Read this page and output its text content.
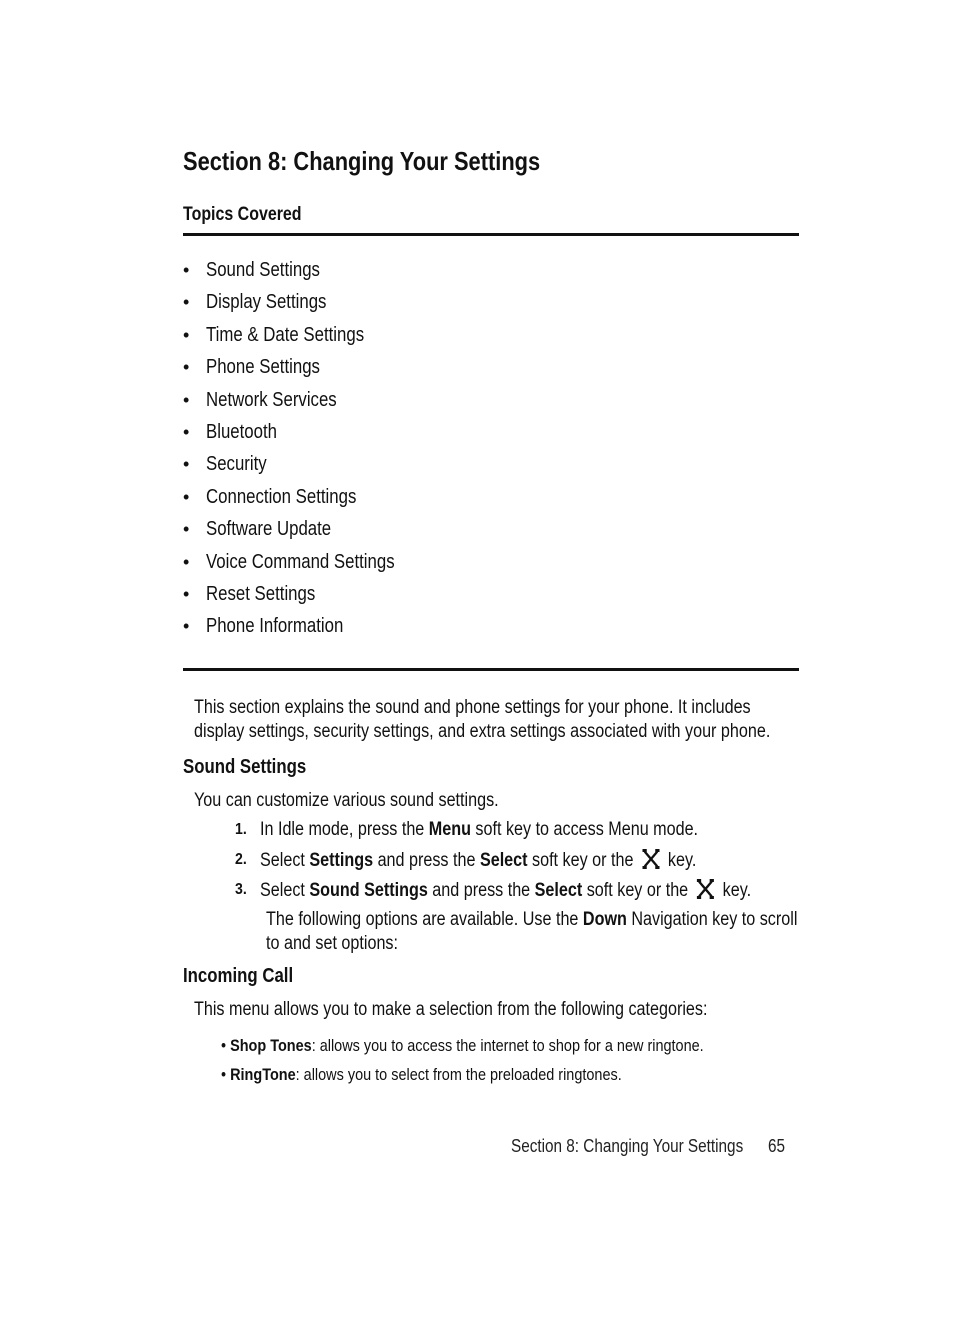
Section 8: Changing Your Settings
Topics Covered
• Sound Settings
• Display Settings
• Time & Date Settings
• Phone Settings
• Network Services
• Bluetooth
• Security
• Connection Settings
• Software Update
• Voice Command Settings
• Reset Settings
• Phone Information
This section explains the sound and phone settings for your phone. It includes
display settings, security settings, and extra settings associated with your phone.
Sound Settings
You can customize various sound settings.
1. In Idle mode, press the Menu soft key to access Menu mode.
2. Select Settings and press the Select soft key or the  key.
3. Select Sound Settings and press the Select soft key or the  key.
The following options are available. Use the Down Navigation key to scroll
to and set options:
Incoming Call
This menu allows you to make a selection from the following categories:
• Shop Tones: allows you to access the internet to shop for a new ringtone.
• RingTone: allows you to select from the preloaded ringtones.
Section 8: Changing Your Settings	65
